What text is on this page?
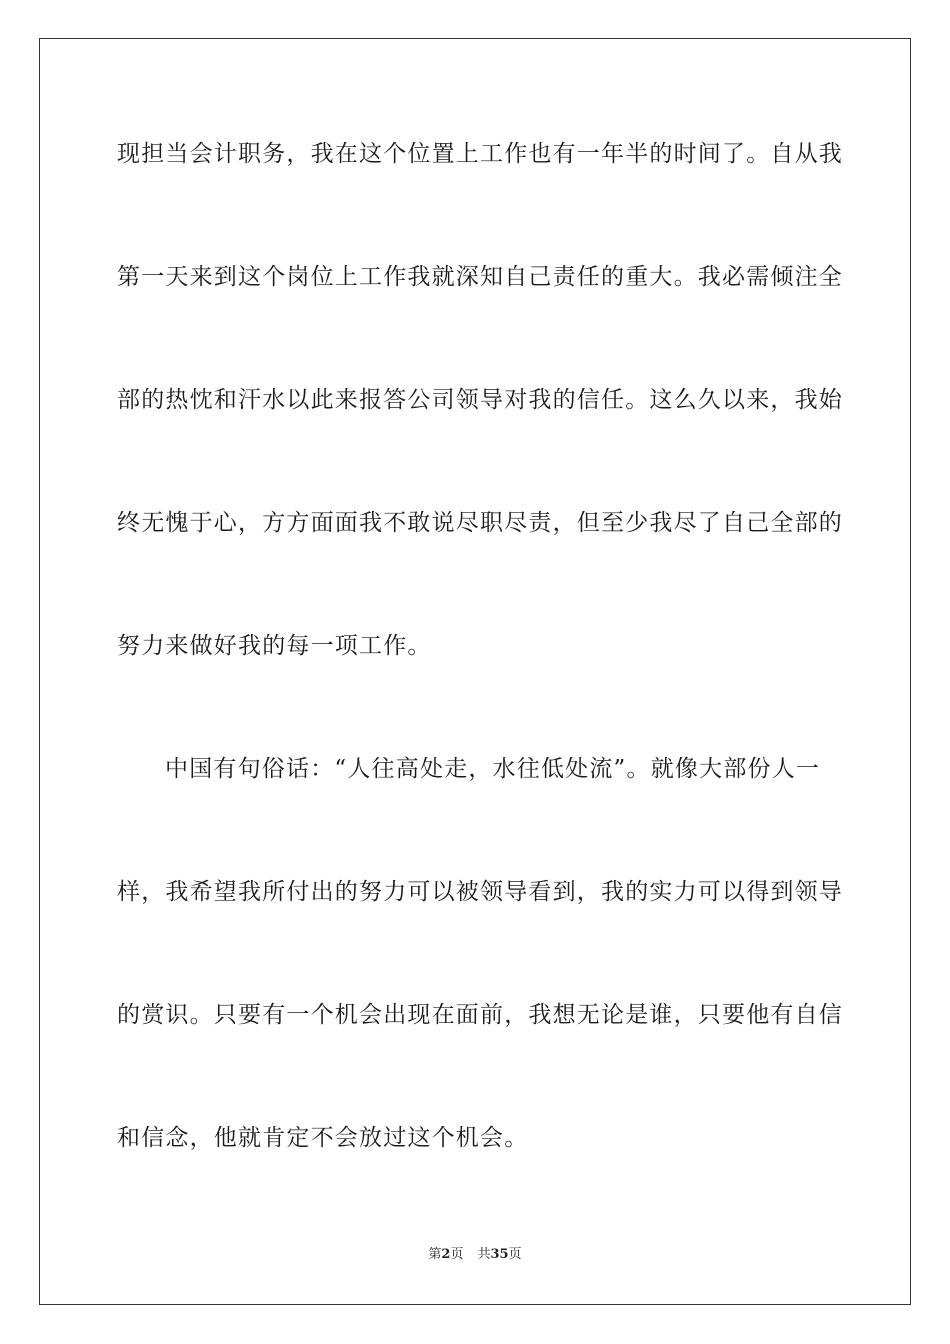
现担当会计职务，我在这个位置上工作也有一年半的时间了。自从我
第一天来到这个岗位上工作我就深知自己责任的重大。我必需倾注全
部的热忱和汗水以此来报答公司领导对我的信任。这么久以来，我始
终无愧于心，方方面面我不敢说尽职尽责，但至少我尽了自己全部的
努力来做好我的每一项工作。
中国有句俗话：“人往高处走，水往低处流”。就像大部份人一
样，我希望我所付出的努力可以被领导看到，我的实力可以得到领导
的赏识。只要有一个机会出现在面前，我想无论是谁，只要他有自信
和信念，他就肯定不会放过这个机会。
第2页 共35页
